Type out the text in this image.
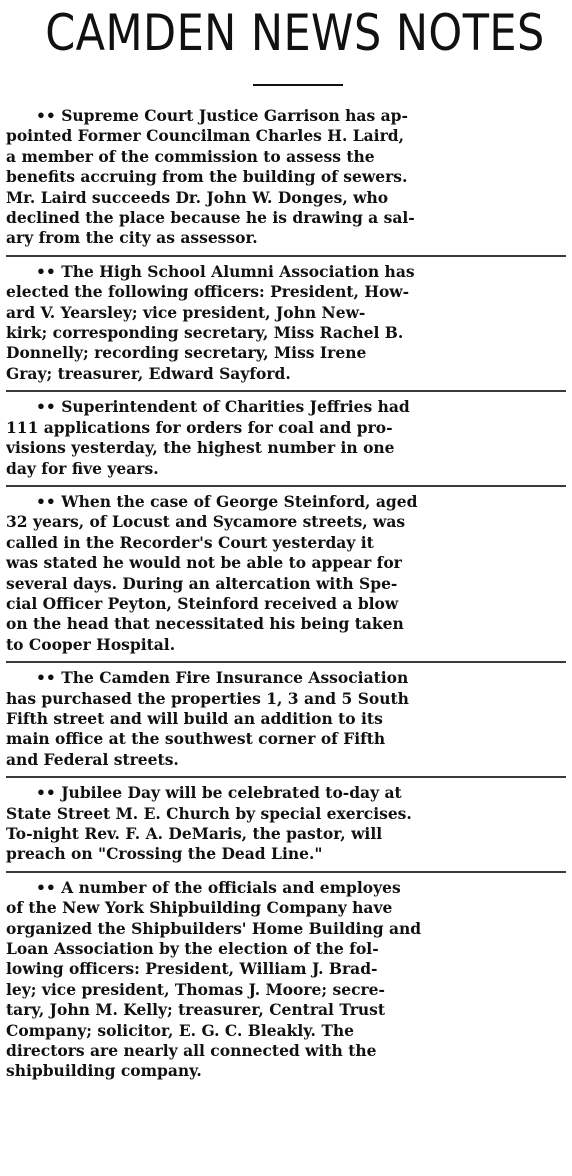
CAMDEN NEWS NOTES
•• Supreme Court Justice Garrison has ap-
pointed Former Councilman Charles H. Laird,
a member of the commission to assess the
benefits accruing from the building of sewers.
Mr. Laird succeeds Dr. John W. Donges, who
declined the place because he is drawing a sal-
ary from the city as assessor.
•• The High School Alumni Association has
elected the following officers: President, How-
ard V. Yearsley; vice president, John New-
kirk; corresponding secretary, Miss Rachel B.
Donnelly; recording secretary, Miss Irene
Gray; treasurer, Edward Sayford.
•• Superintendent of Charities Jeffries had
111 applications for orders for coal and pro-
visions yesterday, the highest number in one
day for five years.
•• When the case of George Steinford, aged
32 years, of Locust and Sycamore streets, was
called in the Recorder's Court yesterday it
was stated he would not be able to appear for
several days. During an altercation with Spe-
cial Officer Peyton, Steinford received a blow
on the head that necessitated his being taken
to Cooper Hospital.
•• The Camden Fire Insurance Association
has purchased the properties 1, 3 and 5 South
Fifth street and will build an addition to its
main office at the southwest corner of Fifth
and Federal streets.
•• Jubilee Day will be celebrated to-day at
State Street M. E. Church by special exercises.
To-night Rev. F. A. DeMaris, the pastor, will
preach on "Crossing the Dead Line."
•• A number of the officials and employes
of the New York Shipbuilding Company have
organized the Shipbuilders' Home Building and
Loan Association by the election of the fol-
lowing officers: President, William J. Brad-
ley; vice president, Thomas J. Moore; secre-
tary, John M. Kelly; treasurer, Central Trust
Company; solicitor, E. G. C. Bleakly. The
directors are nearly all connected with the
shipbuilding company.
